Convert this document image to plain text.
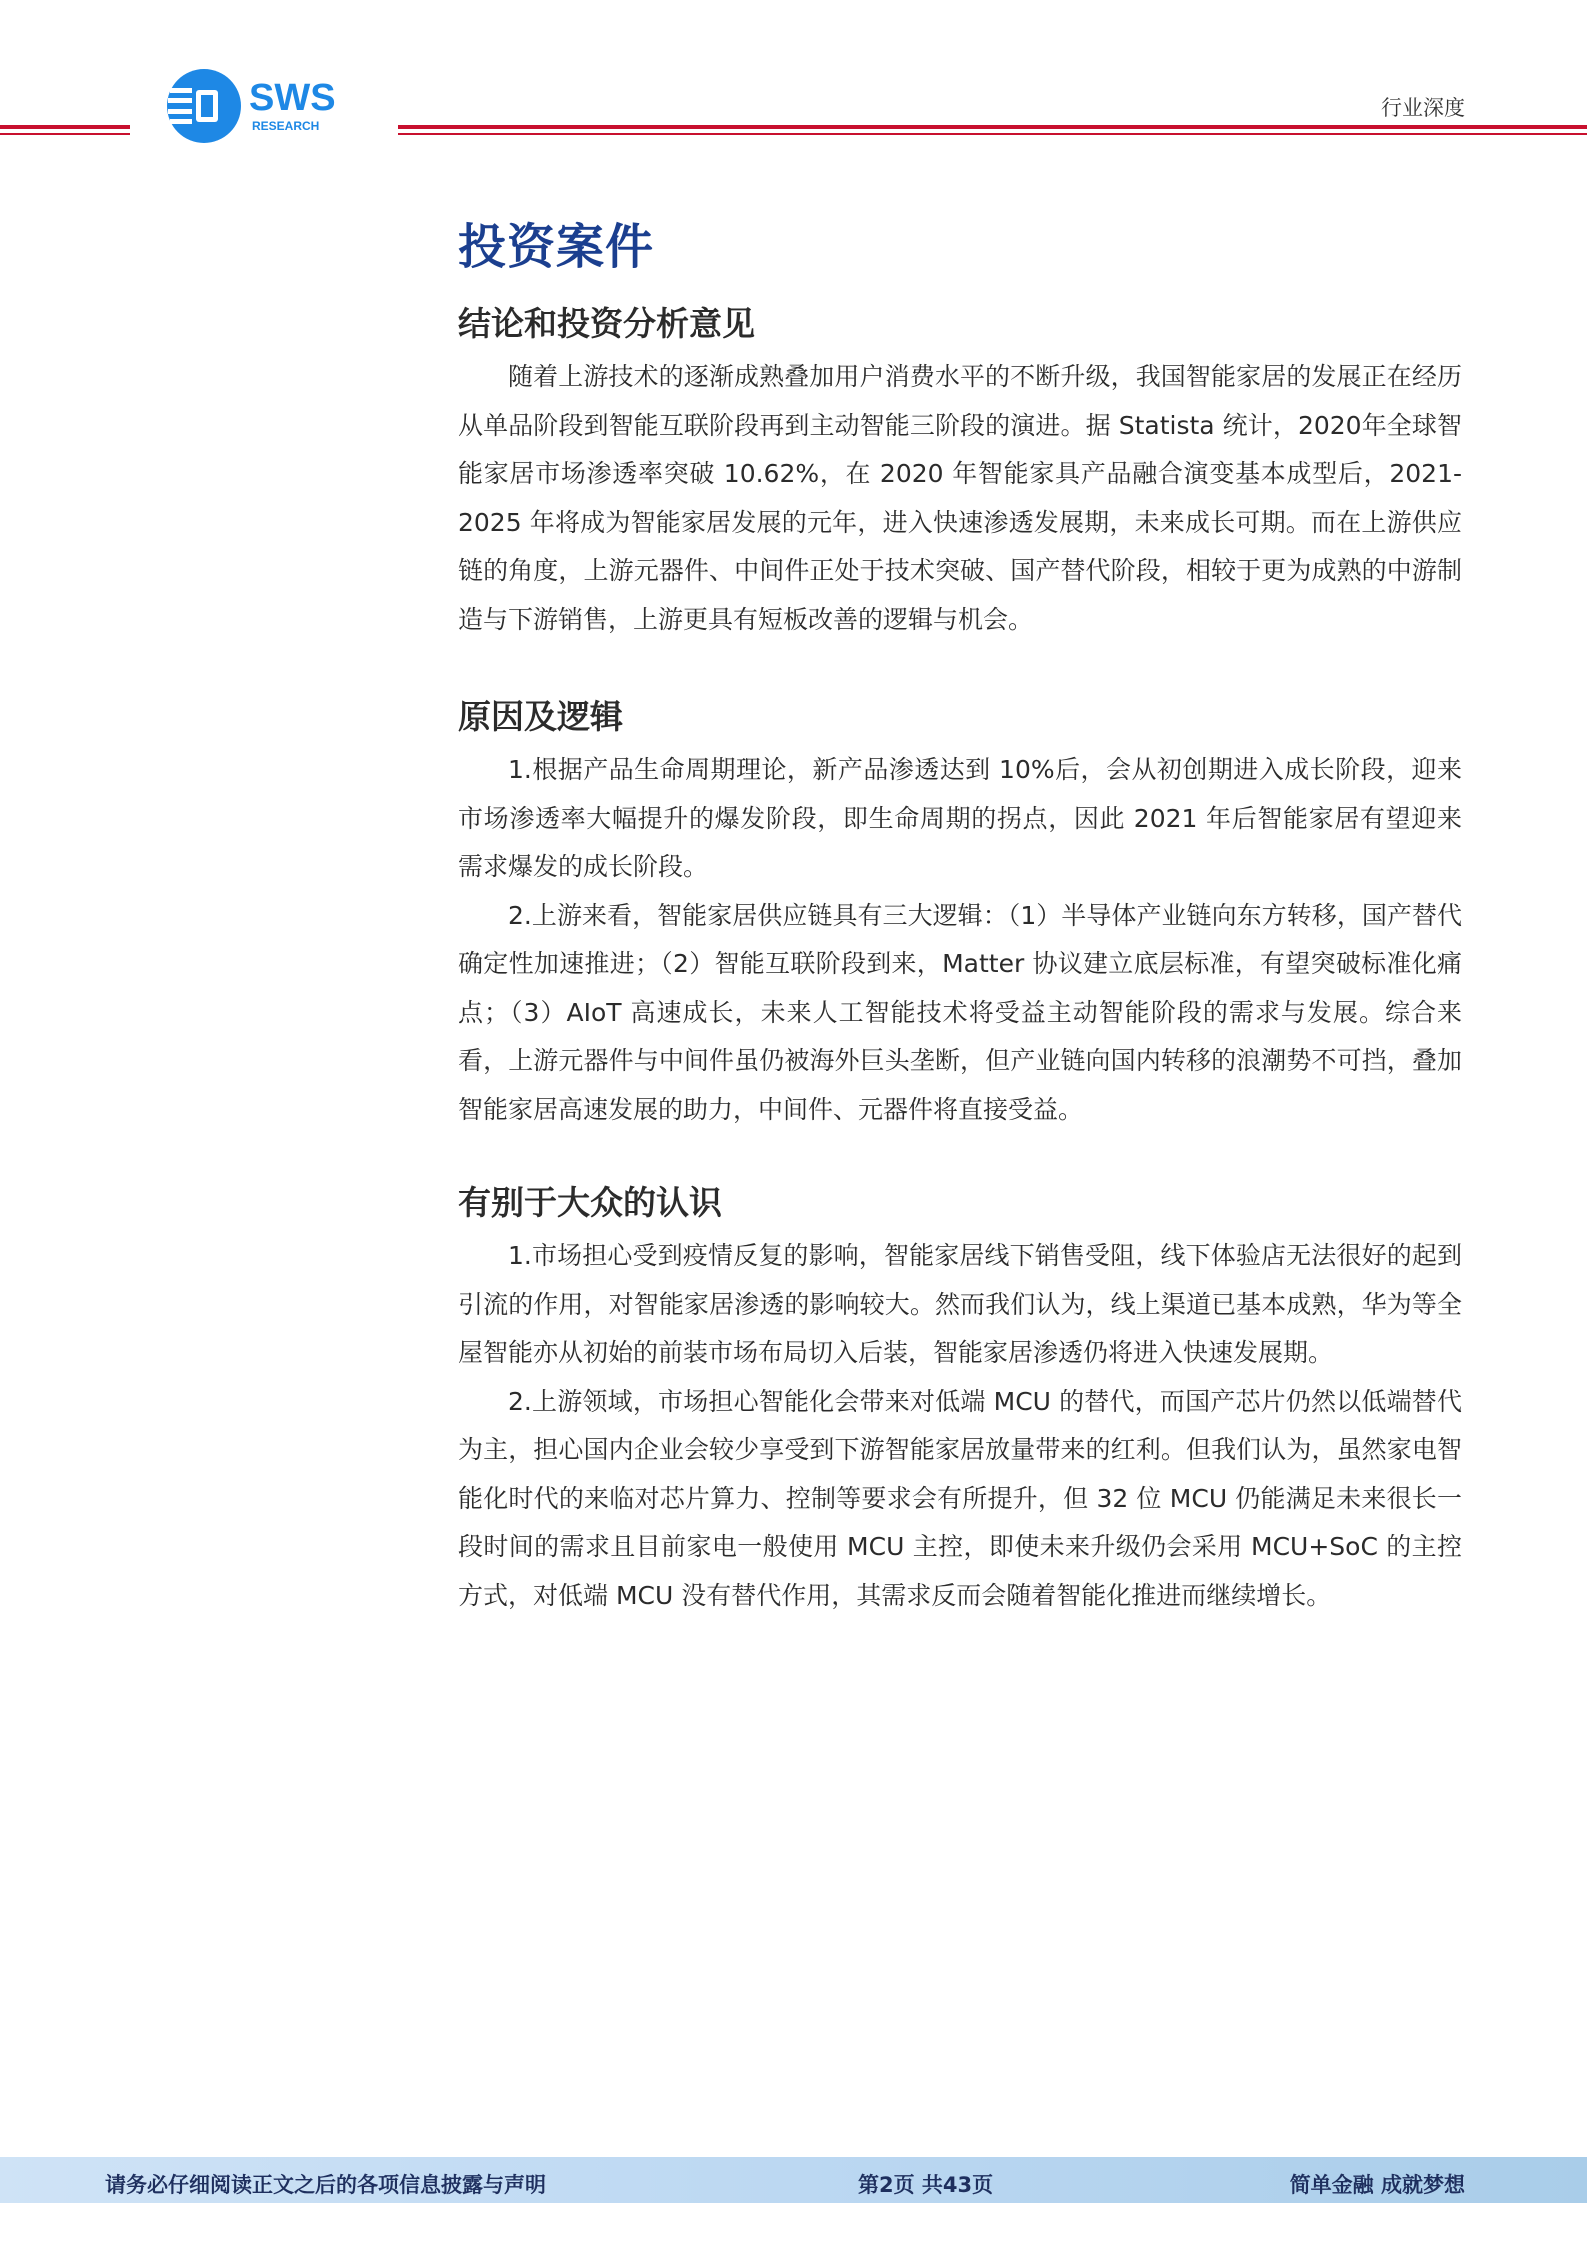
SWS
RESEARCH
行业深度
投资案件
结论和投资分析意见

随着上游技术的逐渐成熟叠加用户消费水平的不断升级，我国智能家居的发展正在经历从单品阶段到智能互联阶段再到主动智能三阶段的演进。据 Statista 统计，2020年全球智能家居市场渗透率突破 10.62%，在 2020 年智能家具产品融合演变基本成型后，2021-2025 年将成为智能家居发展的元年，进入快速渗透发展期，未来成长可期。而在上游供应链的角度，上游元器件、中间件正处于技术突破、国产替代阶段，相较于更为成熟的中游制造与下游销售，上游更具有短板改善的逻辑与机会。

原因及逻辑

1.根据产品生命周期理论，新产品渗透达到 10%后，会从初创期进入成长阶段，迎来市场渗透率大幅提升的爆发阶段，即生命周期的拐点，因此 2021 年后智能家居有望迎来需求爆发的成长阶段。

2.上游来看，智能家居供应链具有三大逻辑：（1）半导体产业链向东方转移，国产替代确定性加速推进；（2）智能互联阶段到来，Matter 协议建立底层标准，有望突破标准化痛点；（3）AIoT 高速成长，未来人工智能技术将受益主动智能阶段的需求与发展。综合来看，上游元器件与中间件虽仍被海外巨头垄断，但产业链向国内转移的浪潮势不可挡，叠加智能家居高速发展的助力，中间件、元器件将直接受益。

有别于大众的认识

1.市场担心受到疫情反复的影响，智能家居线下销售受阻，线下体验店无法很好的起到引流的作用，对智能家居渗透的影响较大。然而我们认为，线上渠道已基本成熟，华为等全屋智能亦从初始的前装市场布局切入后装，智能家居渗透仍将进入快速发展期。

2.上游领域，市场担心智能化会带来对低端 MCU 的替代，而国产芯片仍然以低端替代为主，担心国内企业会较少享受到下游智能家居放量带来的红利。但我们认为，虽然家电智能化时代的来临对芯片算力、控制等要求会有所提升，但 32 位 MCU 仍能满足未来很长一段时间的需求且目前家电一般使用 MCU 主控，即使未来升级仍会采用 MCU+SoC 的主控方式，对低端 MCU 没有替代作用，其需求反而会随着智能化推进而继续增长。

请务必仔细阅读正文之后的各项信息披露与声明	第2页 共43页	简单金融 成就梦想
